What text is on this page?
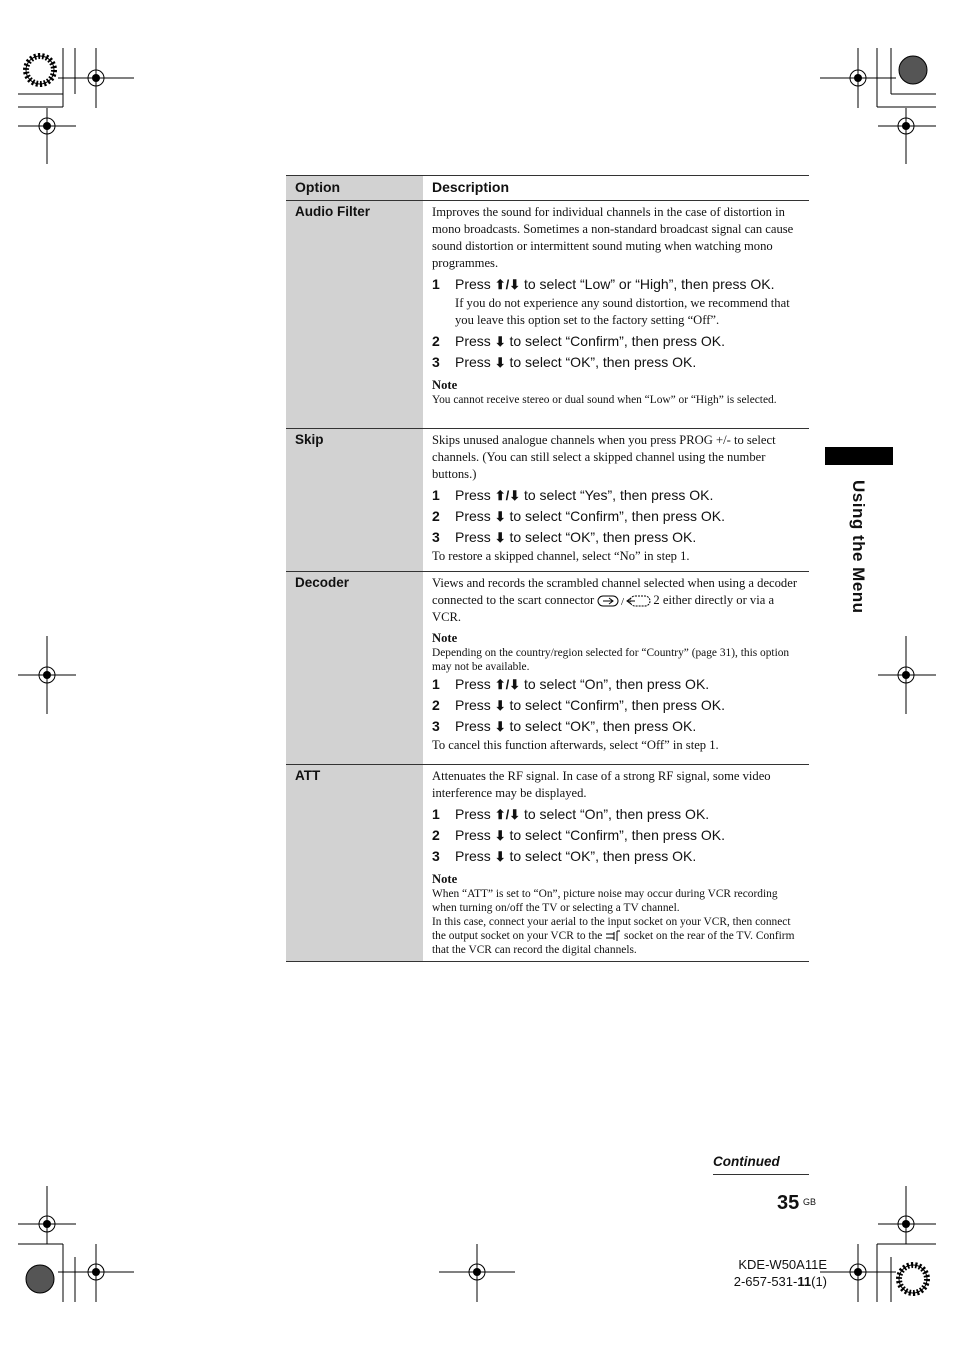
Option	Description
Audio Filter	Improves the sound for individual channels in the case of distortion in mono broadcasts. Sometimes a non-standard broadcast signal can cause sound distortion or intermittent sound muting when watching mono programmes.
1	Press ⬆/⬇ to select “Low” or “High”, then press OK.
If you do not experience any sound distortion, we recommend that you leave this option set to the factory setting “Off”.
2	Press ⬇ to select “Confirm”, then press OK.
3	Press ⬇ to select “OK”, then press OK.
Note
You cannot receive stereo or dual sound when “Low” or “High” is selected.
Skip	Skips unused analogue channels when you press PROG +/- to select channels. (You can still select a skipped channel using the number buttons.)
1	Press ⬆/⬇ to select “Yes”, then press OK.
2	Press ⬇ to select “Confirm”, then press OK.
3	Press ⬇ to select “OK”, then press OK.
To restore a skipped channel, select “No” in step 1.
Decoder	Views and records the scrambled channel selected when using a decoder connected to the scart connector / 2 either directly or via a VCR.
Note
Depending on the country/region selected for “Country” (page 31), this option may not be available.
1	Press ⬆/⬇ to select “On”, then press OK.
2	Press ⬇ to select “Confirm”, then press OK.
3	Press ⬇ to select “OK”, then press OK.
To cancel this function afterwards, select “Off” in step 1.
ATT	Attenuates the RF signal. In case of a strong RF signal, some video interference may be displayed.
1	Press ⬆/⬇ to select “On”, then press OK.
2	Press ⬇ to select “Confirm”, then press OK.
3	Press ⬇ to select “OK”, then press OK.
Note
When “ATT” is set to “On”, picture noise may occur during VCR recording when turning on/off the TV or selecting a TV channel.
In this case, connect your aerial to the input socket on your VCR, then connect the output socket on your VCR to the socket on the rear of the TV. Confirm that the VCR can record the digital channels.
Using the Menu
Continued
35 GB
KDE-W50A11E
2-657-531-11(1)
